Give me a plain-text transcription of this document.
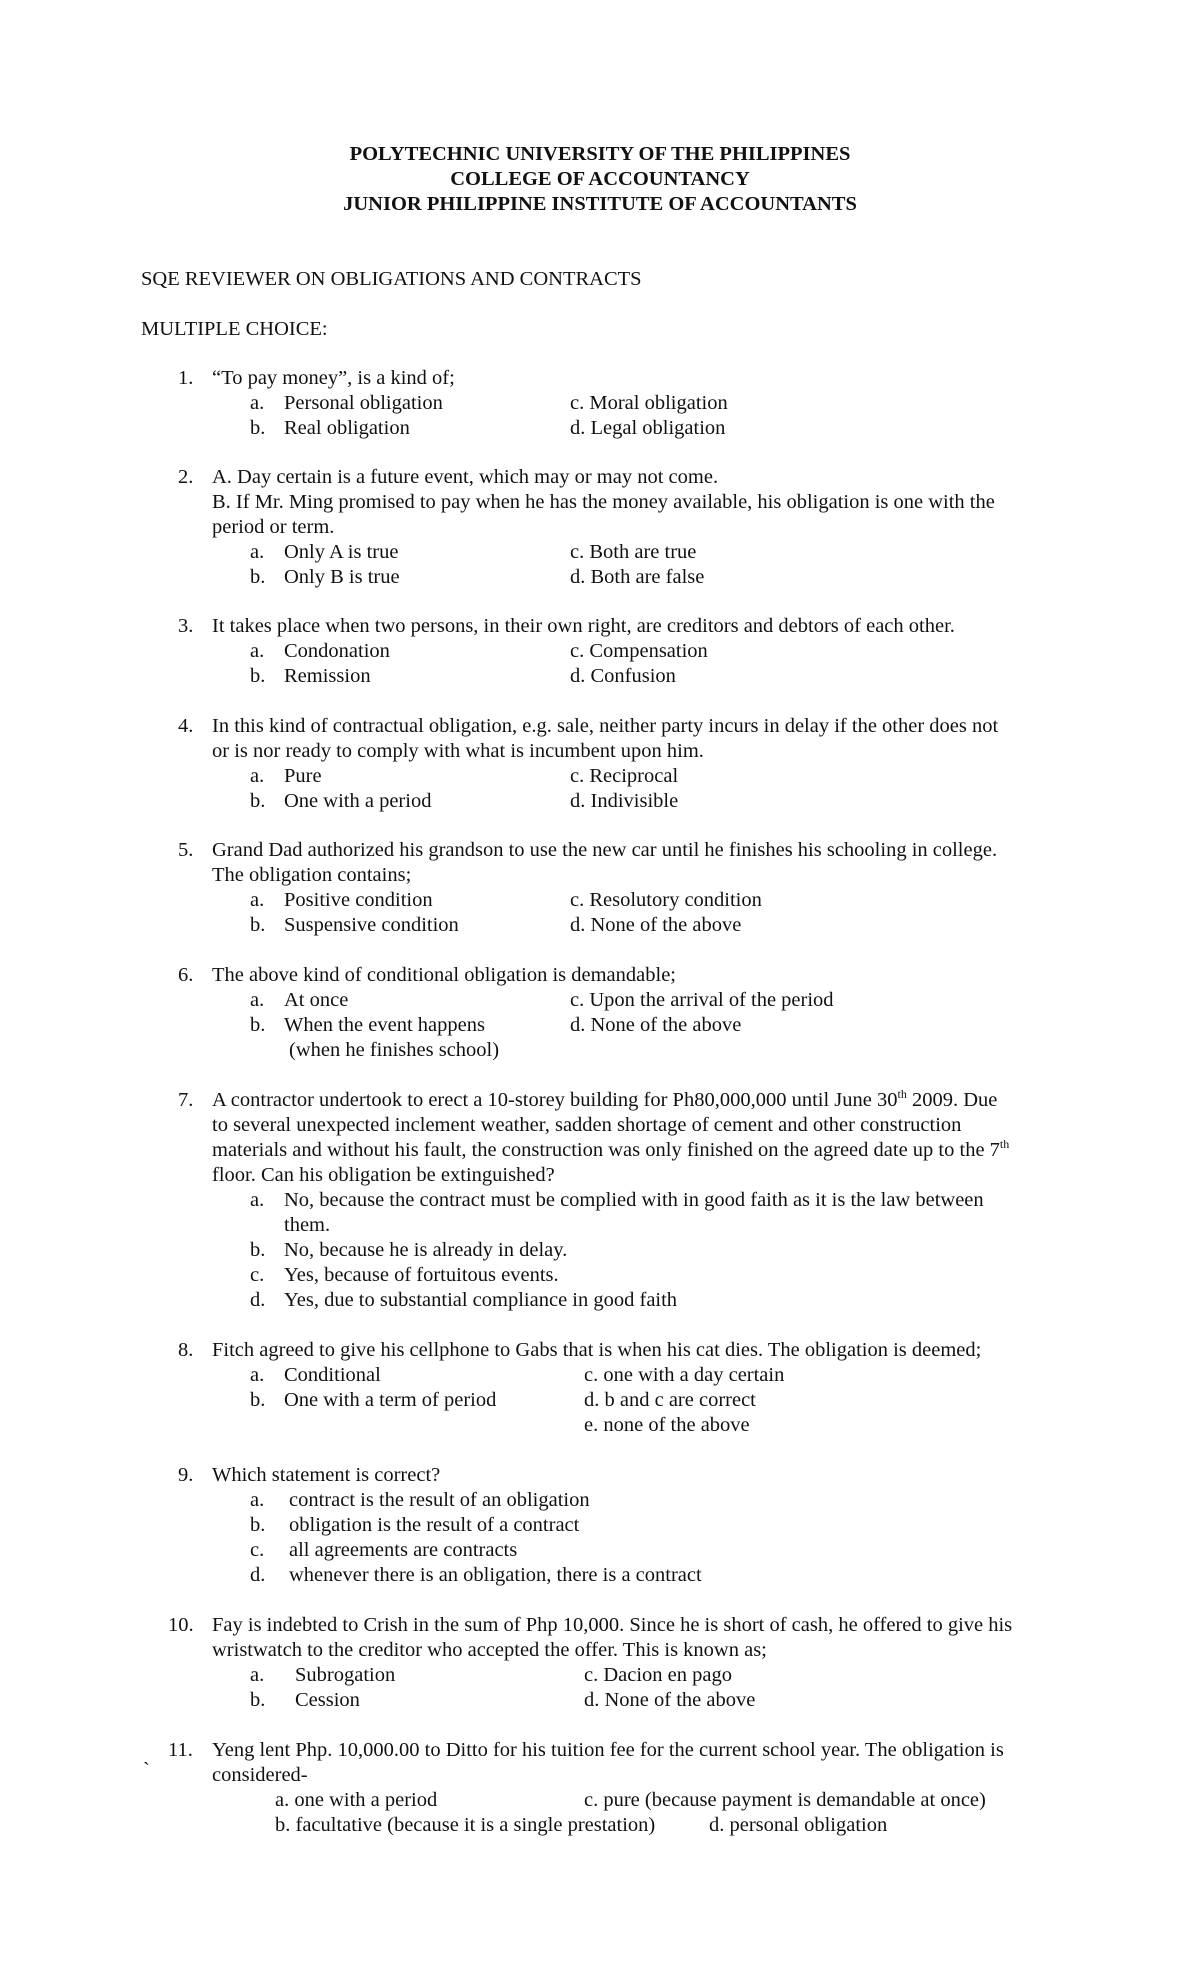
POLYTECHNIC UNIVERSITY OF THE PHILIPPINES
COLLEGE OF ACCOUNTANCY
JUNIOR PHILIPPINE INSTITUTE OF ACCOUNTANTS
SQE REVIEWER ON OBLIGATIONS AND CONTRACTS
MULTIPLE CHOICE:
1. “To pay money”, is a kind of;
a. Personal obligation	c. Moral obligation
b. Real obligation	d. Legal obligation
2. A. Day certain is a future event, which may or may not come.
B. If Mr. Ming promised to pay when he has the money available, his obligation is one with the
period or term.
a. Only A is true	c. Both are true
b. Only B is true	d. Both are false
3. It takes place when two persons, in their own right, are creditors and debtors of each other.
a. Condonation	c. Compensation
b. Remission	d. Confusion
4. In this kind of contractual obligation, e.g. sale, neither party incurs in delay if the other does not
or is nor ready to comply with what is incumbent upon him.
a. Pure	c. Reciprocal
b. One with a period	d. Indivisible
5. Grand Dad authorized his grandson to use the new car until he finishes his schooling in college.
The obligation contains;
a. Positive condition	c. Resolutory condition
b. Suspensive condition	d. None of the above
6. The above kind of conditional obligation is demandable;
a. At once	c. Upon the arrival of the period
b. When the event happens	d. None of the above
(when he finishes school)
7. A contractor undertook to erect a 10-storey building for Ph80,000,000 until June 30th 2009. Due
to several unexpected inclement weather, sadden shortage of cement and other construction
materials and without his fault, the construction was only finished on the agreed date up to the 7th
floor. Can his obligation be extinguished?
a. No, because the contract must be complied with in good faith as it is the law between
them.
b. No, because he is already in delay.
c. Yes, because of fortuitous events.
d. Yes, due to substantial compliance in good faith
8. Fitch agreed to give his cellphone to Gabs that is when his cat dies. The obligation is deemed;
a. Conditional	c. one with a day certain
b. One with a term of period	d. b and c are correct
e. none of the above
9. Which statement is correct?
a. contract is the result of an obligation
b. obligation is the result of a contract
c. all agreements are contracts
d. whenever there is an obligation, there is a contract
10. Fay is indebted to Crish in the sum of Php 10,000. Since he is short of cash, he offered to give his
wristwatch to the creditor who accepted the offer. This is known as;
a. Subrogation	c. Dacion en pago
b. Cession	d. None of the above
11. Yeng lent Php. 10,000.00 to Ditto for his tuition fee for the current school year. The obligation is
`	considered-
a. one with a period	c. pure (because payment is demandable at once)
b. facultative (because it is a single prestation)	d. personal obligation
